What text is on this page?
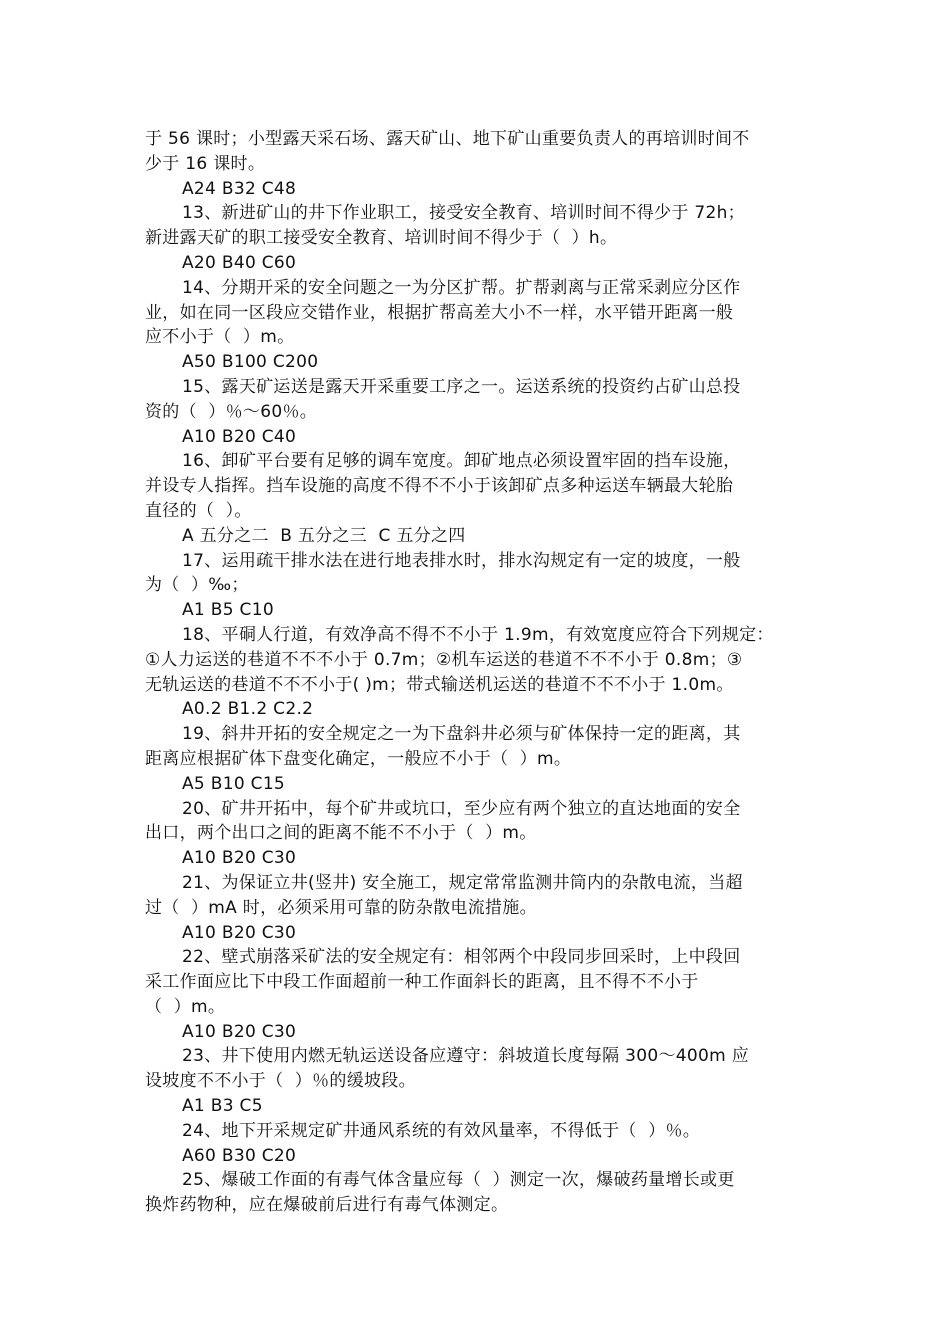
于 56 课时；小型露天采石场、露天矿山、地下矿山重要负责人的再培训时间不
少于 16 课时。
A24 B32 C48
13、新进矿山的井下作业职工，接受安全教育、培训时间不得少于 72h；
新进露天矿的职工接受安全教育、培训时间不得少于（  ）h。
A20 B40 C60
14、分期开采的安全问题之一为分区扩帮。扩帮剥离与正常采剥应分区作
业，如在同一区段应交错作业，根据扩帮高差大小不一样，水平错开距离一般
应不小于（  ）m。
A50 B100 C200
15、露天矿运送是露天开采重要工序之一。运送系统的投资约占矿山总投
资的（  ）％～60％。
A10 B20 C40
16、卸矿平台要有足够的调车宽度。卸矿地点必须设置牢固的挡车设施，
并设专人指挥。挡车设施的高度不得不不小于该卸矿点多种运送车辆最大轮胎
直径的（  ）。
A 五分之二  B 五分之三  C 五分之四
17、运用疏干排水法在进行地表排水时，排水沟规定有一定的坡度，一般
为（  ）‰；
A1 B5 C10
18、平硐人行道，有效净高不得不不小于 1.9m，有效宽度应符合下列规定：
①人力运送的巷道不不不小于 0.7m；②机车运送的巷道不不不小于 0.8m；③
无轨运送的巷道不不不小于( )m；带式输送机运送的巷道不不不小于 1.0m。
A0.2 B1.2 C2.2
19、斜井开拓的安全规定之一为下盘斜井必须与矿体保持一定的距离，其
距离应根据矿体下盘变化确定，一般应不小于（  ）m。
A5 B10 C15
20、矿井开拓中，每个矿井或坑口，至少应有两个独立的直达地面的安全
出口，两个出口之间的距离不能不不小于（  ）m。
A10 B20 C30
21、为保证立井(竖井) 安全施工，规定常常监测井筒内的杂散电流，当超
过（  ）mA 时，必须采用可靠的防杂散电流措施。
A10 B20 C30
22、壁式崩落采矿法的安全规定有：相邻两个中段同步回采时，上中段回
采工作面应比下中段工作面超前一种工作面斜长的距离，且不得不不小于
（  ）m。
A10 B20 C30
23、井下使用内燃无轨运送设备应遵守：斜坡道长度每隔 300～400m 应
设坡度不不小于（  ）％的缓坡段。
A1 B3 C5
24、地下开采规定矿井通风系统的有效风量率，不得低于（  ）％。
A60 B30 C20
25、爆破工作面的有毒气体含量应每（  ）测定一次，爆破药量增长或更
换炸药物种，应在爆破前后进行有毒气体测定。
